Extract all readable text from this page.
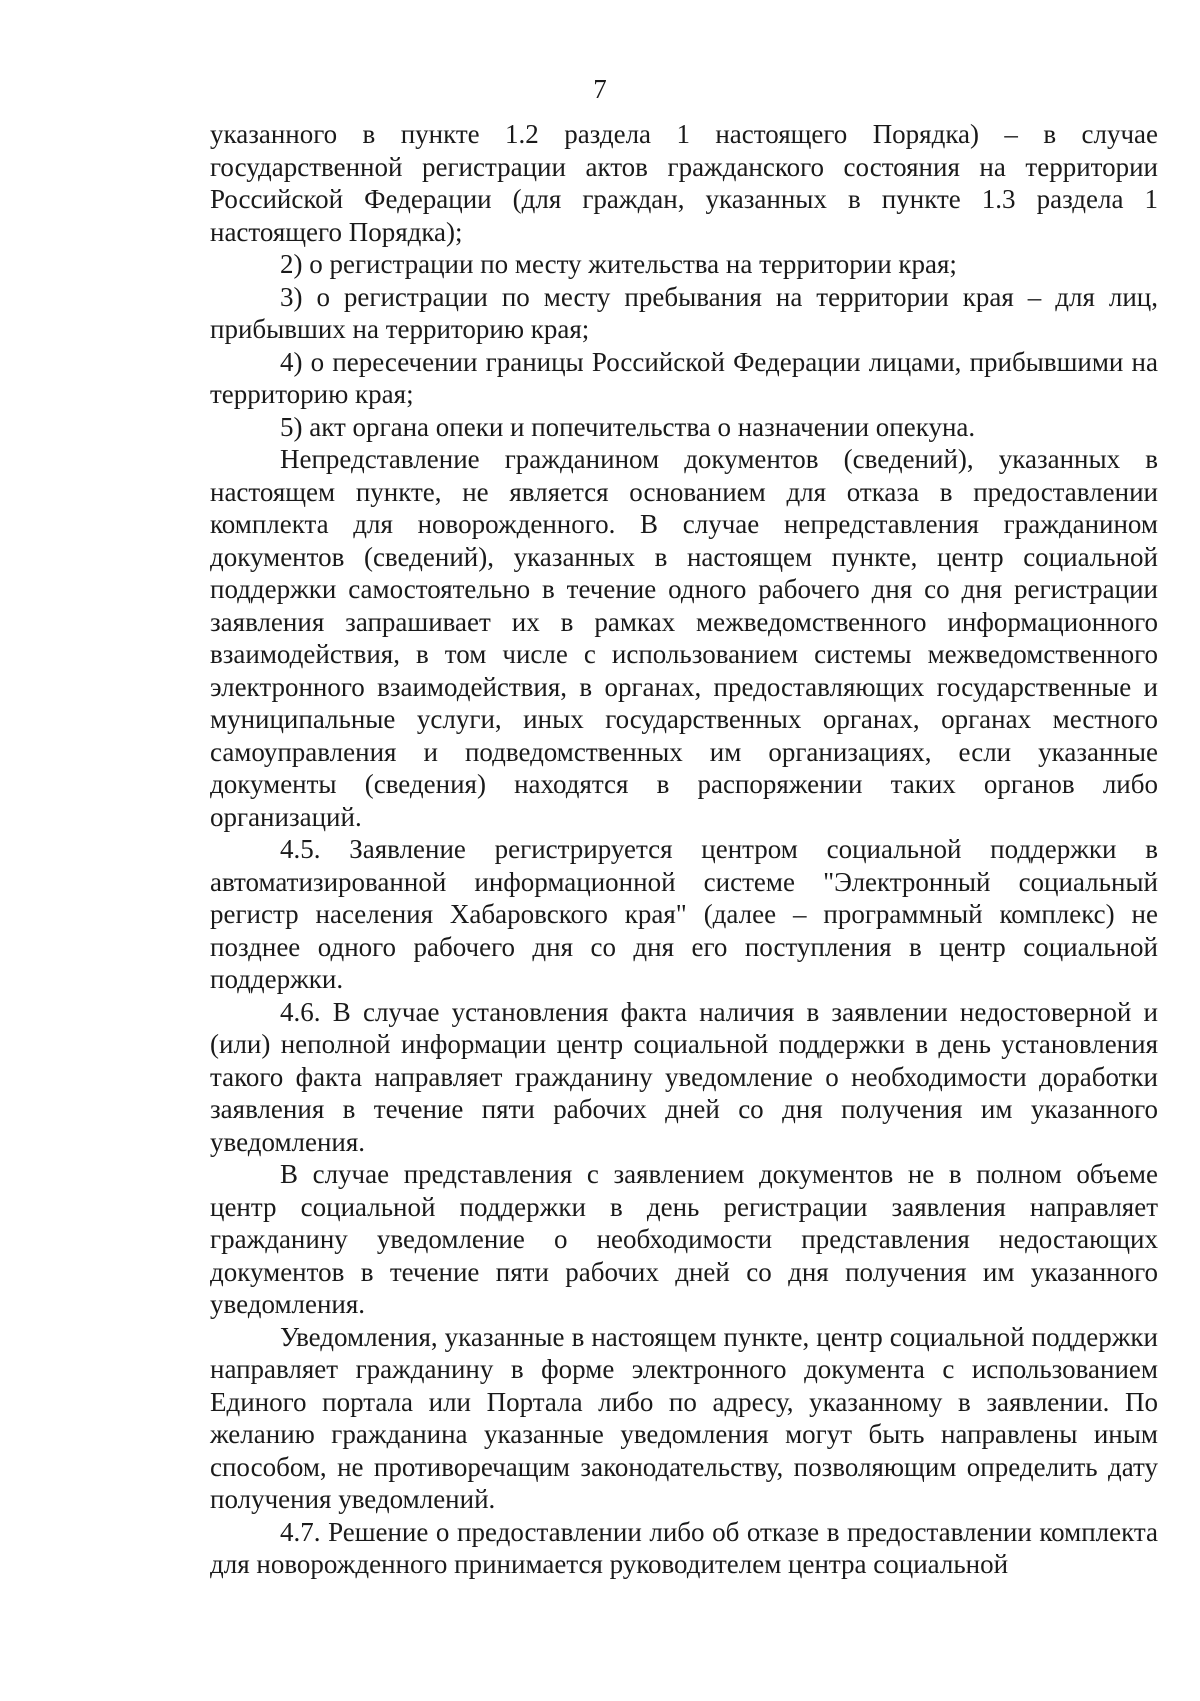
7

указанного в пункте 1.2 раздела 1 настоящего Порядка) – в случае государственной регистрации актов гражданского состояния на территории Российской Федерации (для граждан, указанных в пункте 1.3 раздела 1 настоящего Порядка);

2) о регистрации по месту жительства на территории края;

3) о регистрации по месту пребывания на территории края – для лиц, прибывших на территорию края;

4) о пересечении границы Российской Федерации лицами, прибывшими на территорию края;

5) акт органа опеки и попечительства о назначении опекуна.

Непредставление гражданином документов (сведений), указанных в настоящем пункте, не является основанием для отказа в предоставлении комплекта для новорожденного. В случае непредставления гражданином документов (сведений), указанных в настоящем пункте, центр социальной поддержки самостоятельно в течение одного рабочего дня со дня регистрации заявления запрашивает их в рамках межведомственного информационного взаимодействия, в том числе с использованием системы межведомственного электронного взаимодействия, в органах, предоставляющих государственные и муниципальные услуги, иных государственных органах, органах местного самоуправления и подведомственных им организациях, если указанные документы (сведения) находятся в распоряжении таких органов либо организаций.

4.5. Заявление регистрируется центром социальной поддержки в автоматизированной информационной системе "Электронный социальный регистр населения Хабаровского края" (далее – программный комплекс) не позднее одного рабочего дня со дня его поступления в центр социальной поддержки.

4.6. В случае установления факта наличия в заявлении недостоверной и (или) неполной информации центр социальной поддержки в день установления такого факта направляет гражданину уведомление о необходимости доработки заявления в течение пяти рабочих дней со дня получения им указанного уведомления.

В случае представления с заявлением документов не в полном объеме центр социальной поддержки в день регистрации заявления направляет гражданину уведомление о необходимости представления недостающих документов в течение пяти рабочих дней со дня получения им указанного уведомления.

Уведомления, указанные в настоящем пункте, центр социальной поддержки направляет гражданину в форме электронного документа с использованием Единого портала или Портала либо по адресу, указанному в заявлении. По желанию гражданина указанные уведомления могут быть направлены иным способом, не противоречащим законодательству, позволяющим определить дату получения уведомлений.

4.7. Решение о предоставлении либо об отказе в предоставлении комплекта для новорожденного принимается руководителем центра социальной
